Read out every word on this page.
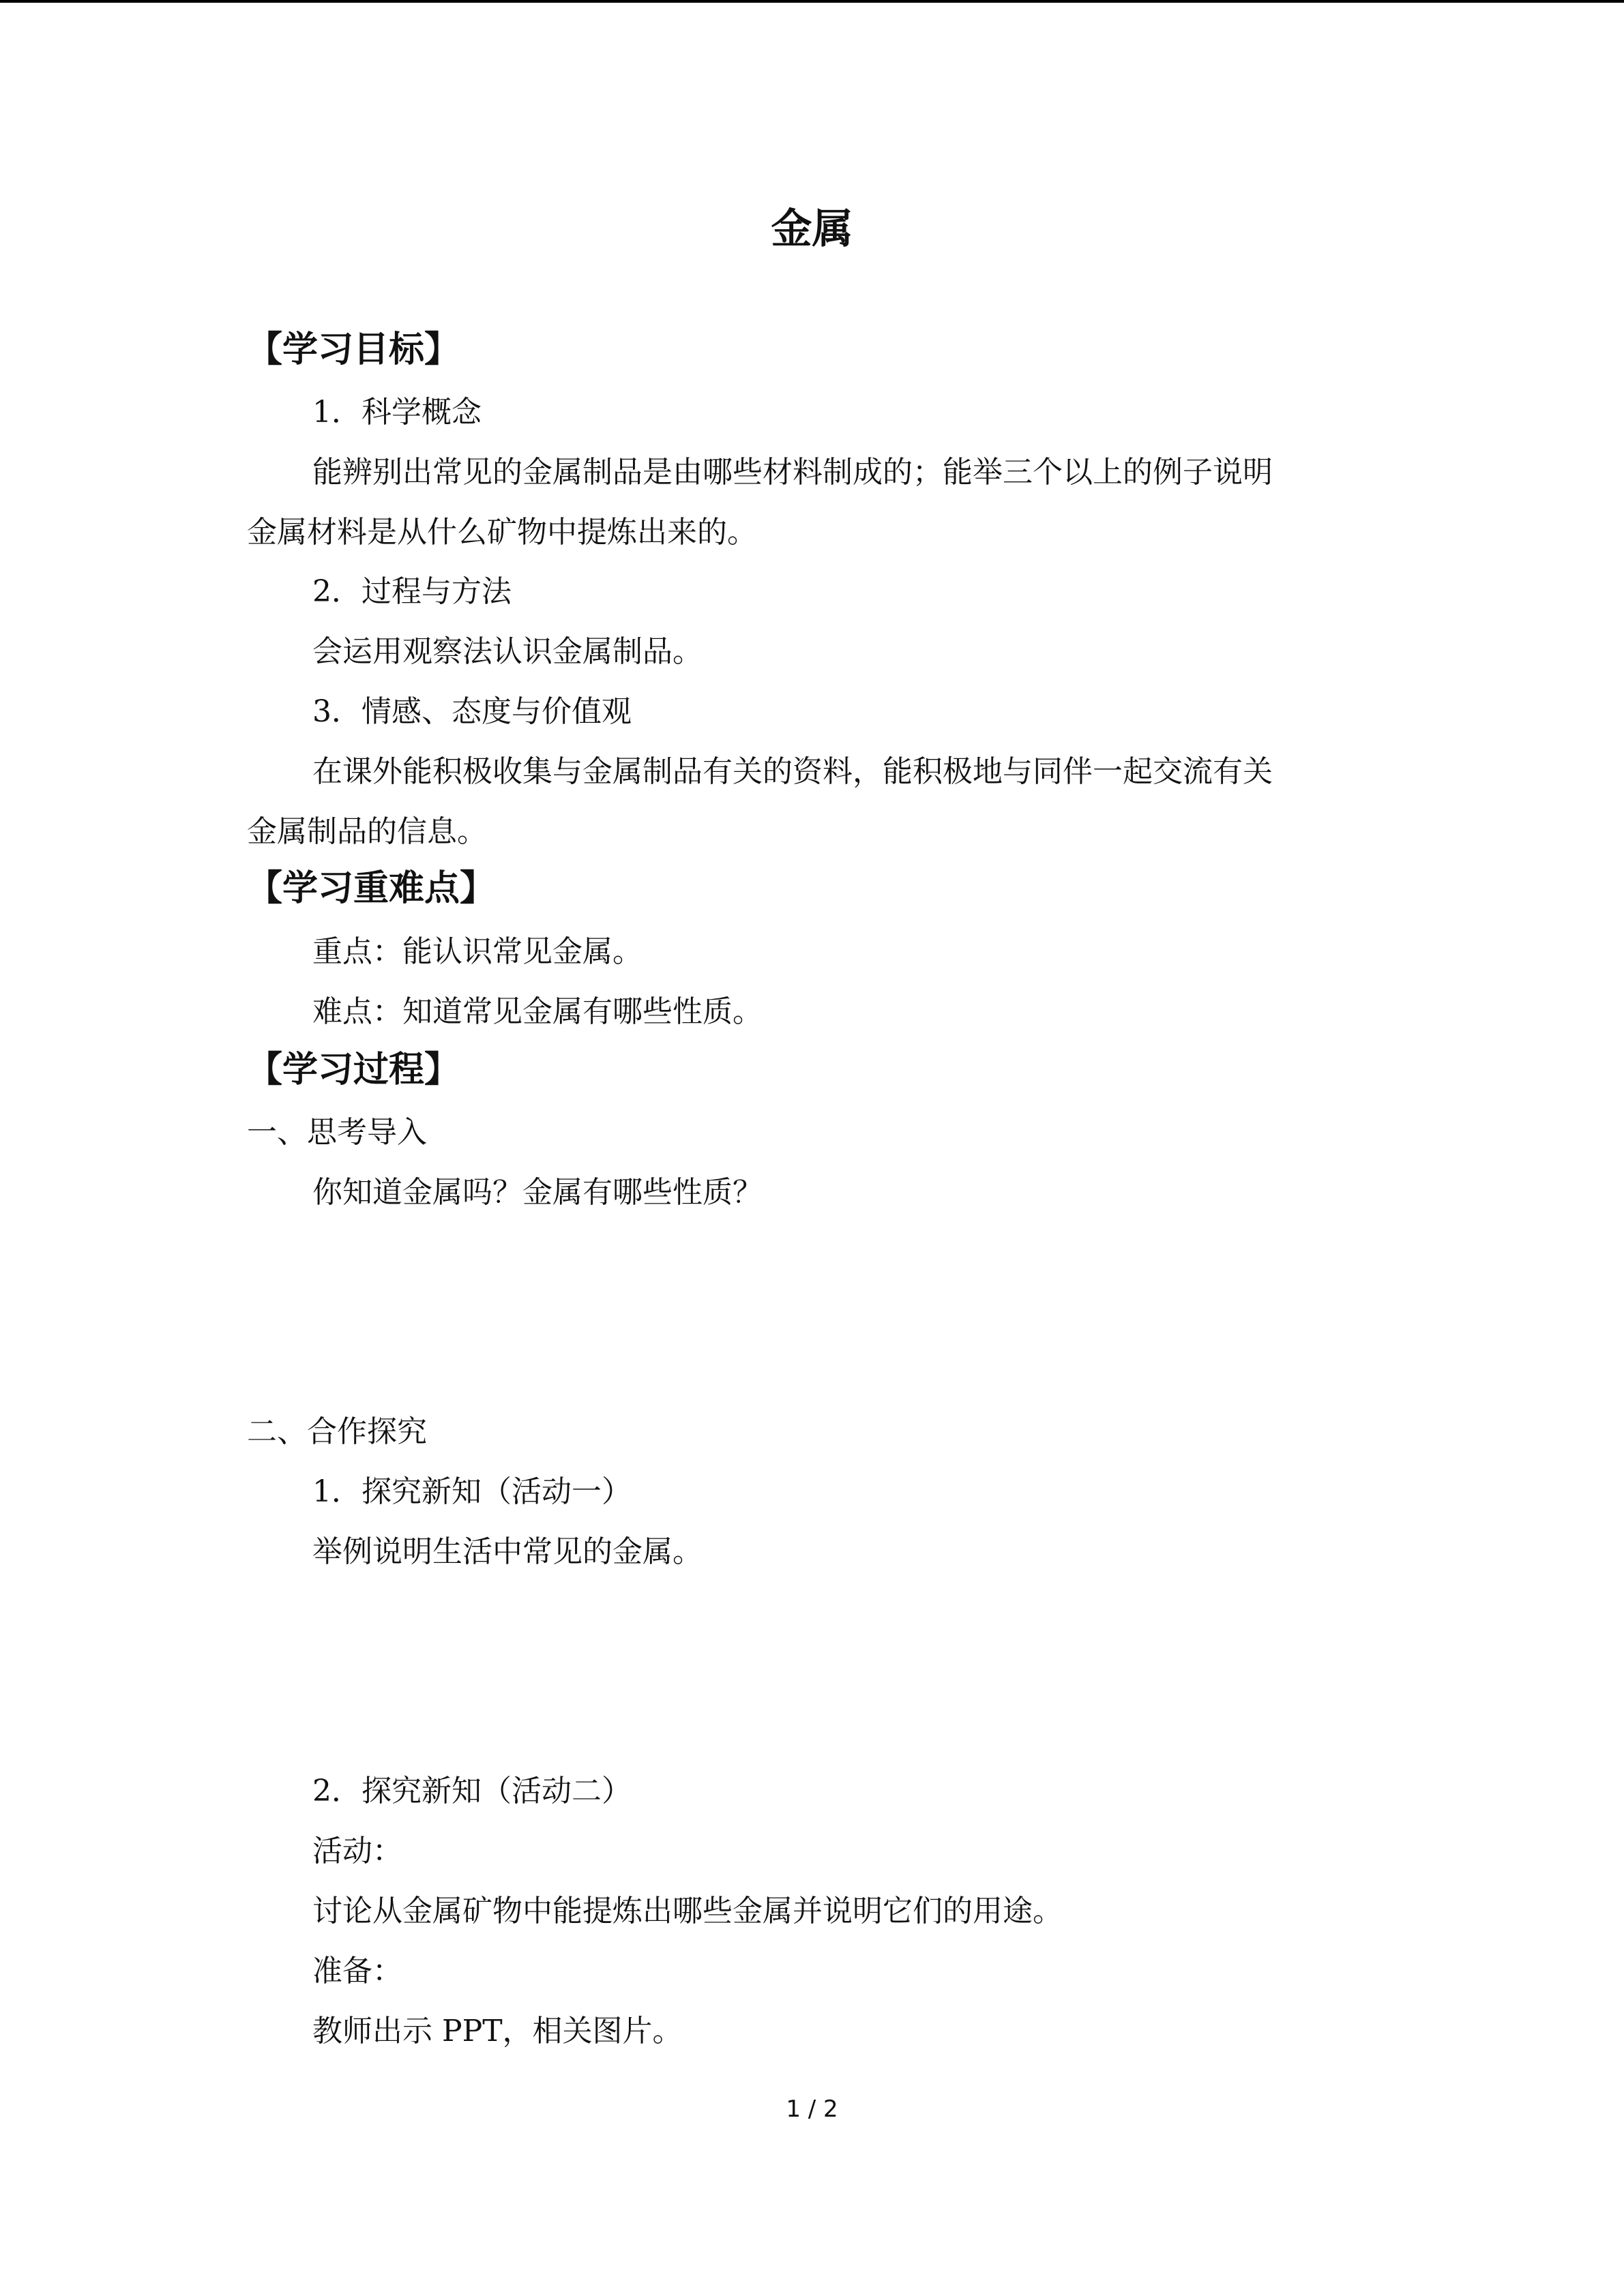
金属
【学习目标】
1．科学概念
能辨别出常见的金属制品是由哪些材料制成的；能举三个以上的例子说明
金属材料是从什么矿物中提炼出来的。
2．过程与方法
会运用观察法认识金属制品。
3．情感、态度与价值观
在课外能积极收集与金属制品有关的资料，能积极地与同伴一起交流有关
金属制品的信息。
【学习重难点】
重点：能认识常见金属。
难点：知道常见金属有哪些性质。
【学习过程】
一、思考导入
你知道金属吗？金属有哪些性质？
二、合作探究
1．探究新知（活动一）
举例说明生活中常见的金属。
2．探究新知（活动二）
活动：
讨论从金属矿物中能提炼出哪些金属并说明它们的用途。
准备：
教师出示 PPT，相关图片。
1 / 2
